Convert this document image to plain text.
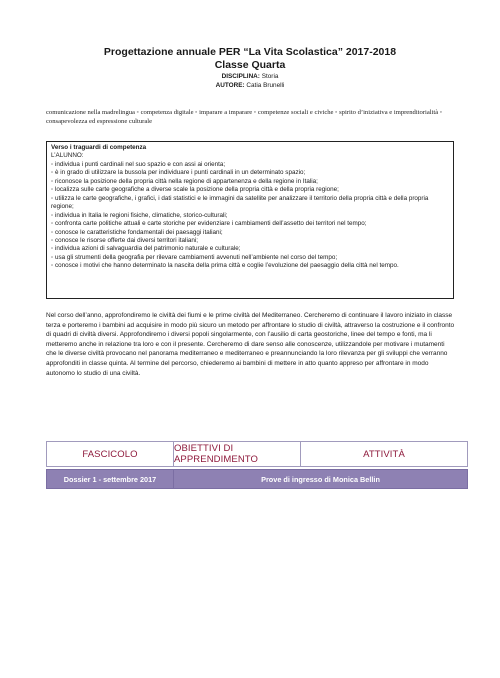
Progettazione annuale PER “La Vita Scolastica” 2017-2018

Classe Quarta

DISCIPLINA: Storia

AUTORE: Catia Brunelli

comunicazione nella madrelingua ◦ competenza digitale ◦ imparare a imparare ◦ competenze sociali e civiche ◦ spirito d’iniziativa e imprenditorialità ◦ consapevolezza ed espressione culturale
Verso i traguardi di competenza
L’ALUNNO:
◦ individua i punti cardinali nel suo spazio e con assi ai orienta;
◦ è in grado di utilizzare la bussola per individuare i punti cardinali in un determinato spazio;
◦ riconosce la posizione della propria città nella regione di appartenenza e della regione in Italia;
◦ localizza sulle carte geografiche a diverse scale la posizione della propria città e della propria regione;
◦ utilizza le carte geografiche, i grafici, i dati statistici e le immagini da satellite per analizzare il territorio della propria città e della propria regione;
◦ individua in Italia le regioni fisiche, climatiche, storico-culturali;
◦ confronta carte politiche attuali e carte storiche per evidenziare i cambiamenti dell’assetto dei territori nel tempo;
◦ conosce le caratteristiche fondamentali dei paesaggi italiani;
◦ conosce le risorse offerte dai diversi territori italiani;
◦ individua azioni di salvaguardia del patrimonio naturale e culturale;
◦ usa gli strumenti della geografia per rilevare cambiamenti avvenuti nell’ambiente nel corso del tempo;
◦ conosce i motivi che hanno determinato la nascita della prima città e coglie l’evoluzione del paesaggio della città nel tempo.
Nel corso dell’anno, approfondiremo le civiltà dei fiumi e le prime civiltà del Mediterraneo. Cercheremo di continuare il lavoro iniziato in classe terza e porteremo i bambini ad acquisire in modo più sicuro un metodo per affrontare lo studio di civiltà, attraverso la costruzione e il confronto di quadri di civiltà diversi. Approfondiremo i diversi popoli singolarmente, con l’ausilio di carta geostoriche, linee del tempo e fonti, ma li metteremo anche in relazione tra loro e con il presente. Cercheremo di dare senso alle conoscenze, utilizzandole per motivare i mutamenti che le diverse civiltà provocano nel panorama mediterraneo e mediterraneo e preannunciando la loro rilevanza per gli sviluppi che verranno approfonditi in classe quinta. Al termine del percorso, chiederemo ai bambini di mettere in atto quanto appreso per affrontare in modo autonomo lo studio di una civiltà.
FASCICOLO	OBIETTIVI DI APPRENDIMENTO	ATTIVITÀ
Dossier 1 - settembre 2017	Prove di ingresso di Monica Bellin
